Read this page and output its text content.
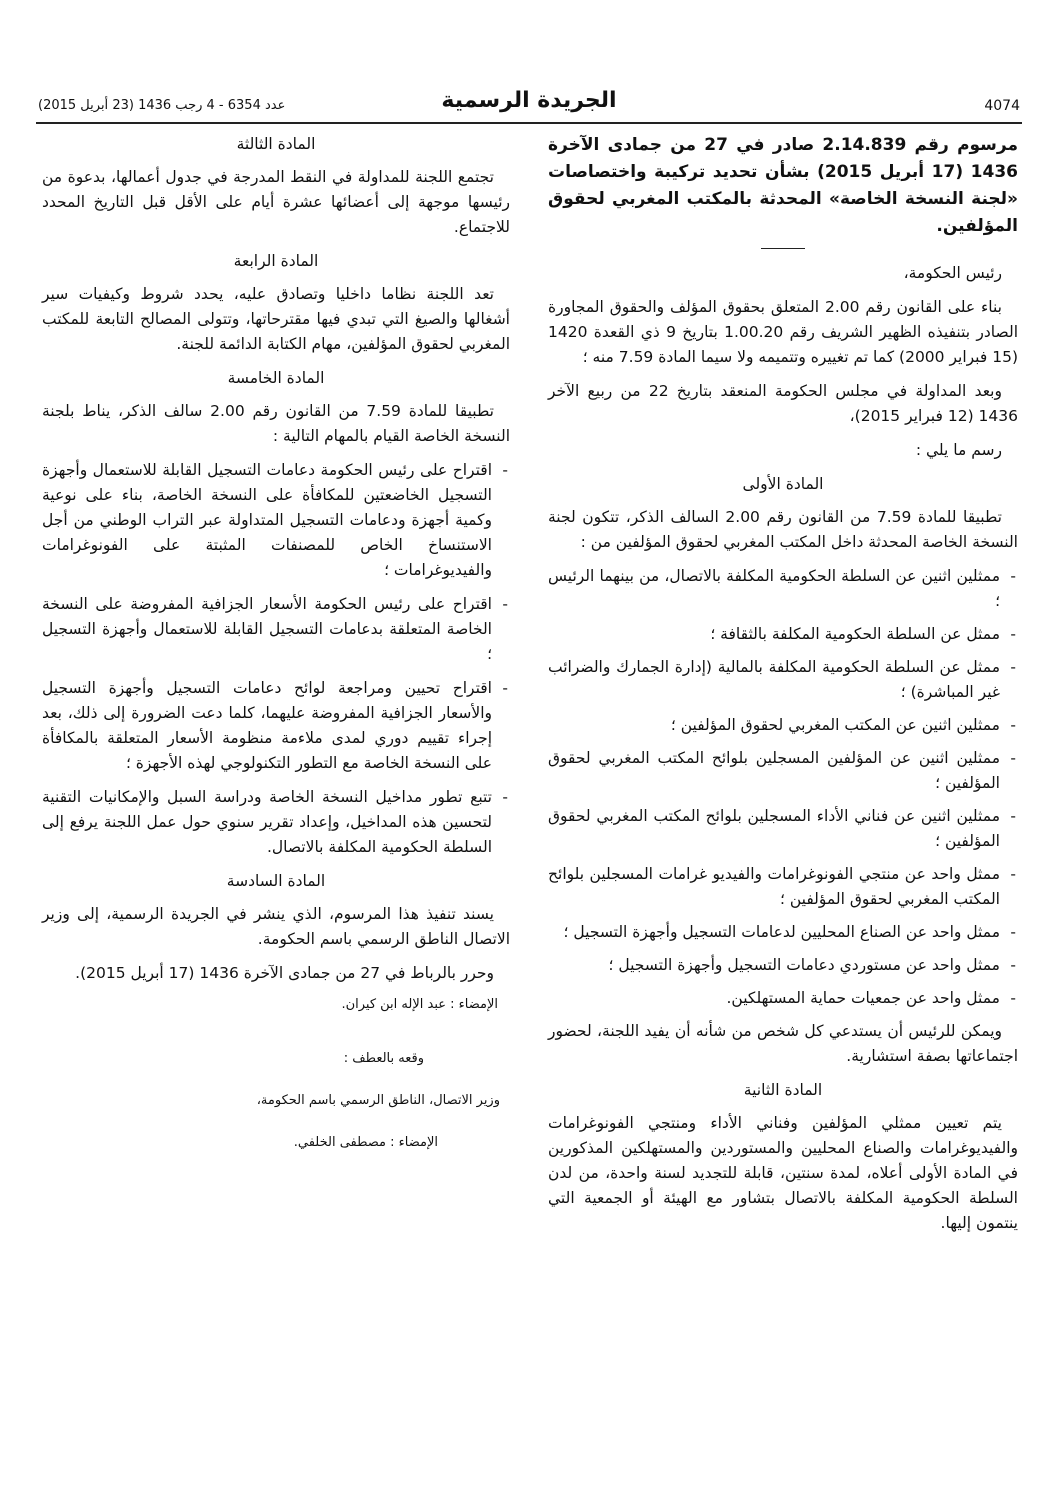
4074
الجريدة الرسمية
عدد 6354 - 4 رجب 1436 (23 أبريل 2015)
مرسوم رقم 2.14.839 صادر في 27 من جمادى الآخرة 1436 (17 أبريل 2015) بشأن تحديد تركيبة واختصاصات «لجنة النسخة الخاصة» المحدثة بالمكتب المغربي لحقوق المؤلفين.

رئيس الحكومة،

بناء على القانون رقم 2.00 المتعلق بحقوق المؤلف والحقوق المجاورة الصادر بتنفيذه الظهير الشريف رقم 1.00.20 بتاريخ 9 ذي القعدة 1420 (15 فبراير 2000) كما تم تغييره وتتميمه ولا سيما المادة 7.59 منه ؛

وبعد المداولة في مجلس الحكومة المنعقد بتاريخ 22 من ربيع الآخر 1436 (12 فبراير 2015)،

رسم ما يلي :

المادة الأولى

تطبيقا للمادة 7.59 من القانون رقم 2.00 السالف الذكر، تتكون لجنة النسخة الخاصة المحدثة داخل المكتب المغربي لحقوق المؤلفين من :

- ممثلين اثنين عن السلطة الحكومية المكلفة بالاتصال، من بينهما الرئيس ؛
- ممثل عن السلطة الحكومية المكلفة بالثقافة ؛
- ممثل عن السلطة الحكومية المكلفة بالمالية (إدارة الجمارك والضرائب غير المباشرة) ؛
- ممثلين اثنين عن المكتب المغربي لحقوق المؤلفين ؛
- ممثلين اثنين عن المؤلفين المسجلين بلوائح المكتب المغربي لحقوق المؤلفين ؛
- ممثلين اثنين عن فناني الأداء المسجلين بلوائح المكتب المغربي لحقوق المؤلفين ؛
- ممثل واحد عن منتجي الفونوغرامات والفيديو غرامات المسجلين بلوائح المكتب المغربي لحقوق المؤلفين ؛
- ممثل واحد عن الصناع المحليين لدعامات التسجيل وأجهزة التسجيل ؛
- ممثل واحد عن مستوردي دعامات التسجيل وأجهزة التسجيل ؛
- ممثل واحد عن جمعيات حماية المستهلكين.

ويمكن للرئيس أن يستدعي كل شخص من شأنه أن يفيد اللجنة، لحضور اجتماعاتها بصفة استشارية.

المادة الثانية

يتم تعيين ممثلي المؤلفين وفناني الأداء ومنتجي الفونوغرامات والفيديوغرامات والصناع المحليين والمستوردين والمستهلكين المذكورين في المادة الأولى أعلاه، لمدة سنتين، قابلة للتجديد لسنة واحدة، من لدن السلطة الحكومية المكلفة بالاتصال بتشاور مع الهيئة أو الجمعية التي ينتمون إليها.

المادة الثالثة

تجتمع اللجنة للمداولة في النقط المدرجة في جدول أعمالها، بدعوة من رئيسها موجهة إلى أعضائها عشرة أيام على الأقل قبل التاريخ المحدد للاجتماع.

المادة الرابعة

تعد اللجنة نظاما داخليا وتصادق عليه، يحدد شروط وكيفيات سير أشغالها والصيغ التي تبدي فيها مقترحاتها، وتتولى المصالح التابعة للمكتب المغربي لحقوق المؤلفين، مهام الكتابة الدائمة للجنة.

المادة الخامسة

تطبيقا للمادة 7.59 من القانون رقم 2.00 سالف الذكر، يناط بلجنة النسخة الخاصة القيام بالمهام التالية :

- اقتراح على رئيس الحكومة دعامات التسجيل القابلة للاستعمال وأجهزة التسجيل الخاضعتين للمكافأة على النسخة الخاصة، بناء على نوعية وكمية أجهزة ودعامات التسجيل المتداولة عبر التراب الوطني من أجل الاستنساخ الخاص للمصنفات المثبتة على الفونوغرامات والفيديوغرامات ؛
- اقتراح على رئيس الحكومة الأسعار الجزافية المفروضة على النسخة الخاصة المتعلقة بدعامات التسجيل القابلة للاستعمال وأجهزة التسجيل ؛
- اقتراح تحيين ومراجعة لوائح دعامات التسجيل وأجهزة التسجيل والأسعار الجزافية المفروضة عليهما، كلما دعت الضرورة إلى ذلك، بعد إجراء تقييم دوري لمدى ملاءمة منظومة الأسعار المتعلقة بالمكافأة على النسخة الخاصة مع التطور التكنولوجي لهذه الأجهزة ؛
- تتبع تطور مداخيل النسخة الخاصة ودراسة السبل والإمكانيات التقنية لتحسين هذه المداخيل، وإعداد تقرير سنوي حول عمل اللجنة يرفع إلى السلطة الحكومية المكلفة بالاتصال.
المادة السادسة

يسند تنفيذ هذا المرسوم، الذي ينشر في الجريدة الرسمية، إلى وزير الاتصال الناطق الرسمي باسم الحكومة.

وحرر بالرباط في 27 من جمادى الآخرة 1436 (17 أبريل 2015).

الإمضاء : عبد الإله ابن كيران.

وقعه بالعطف :

وزير الاتصال، الناطق الرسمي باسم الحكومة،

الإمضاء : مصطفى الخلفي.
